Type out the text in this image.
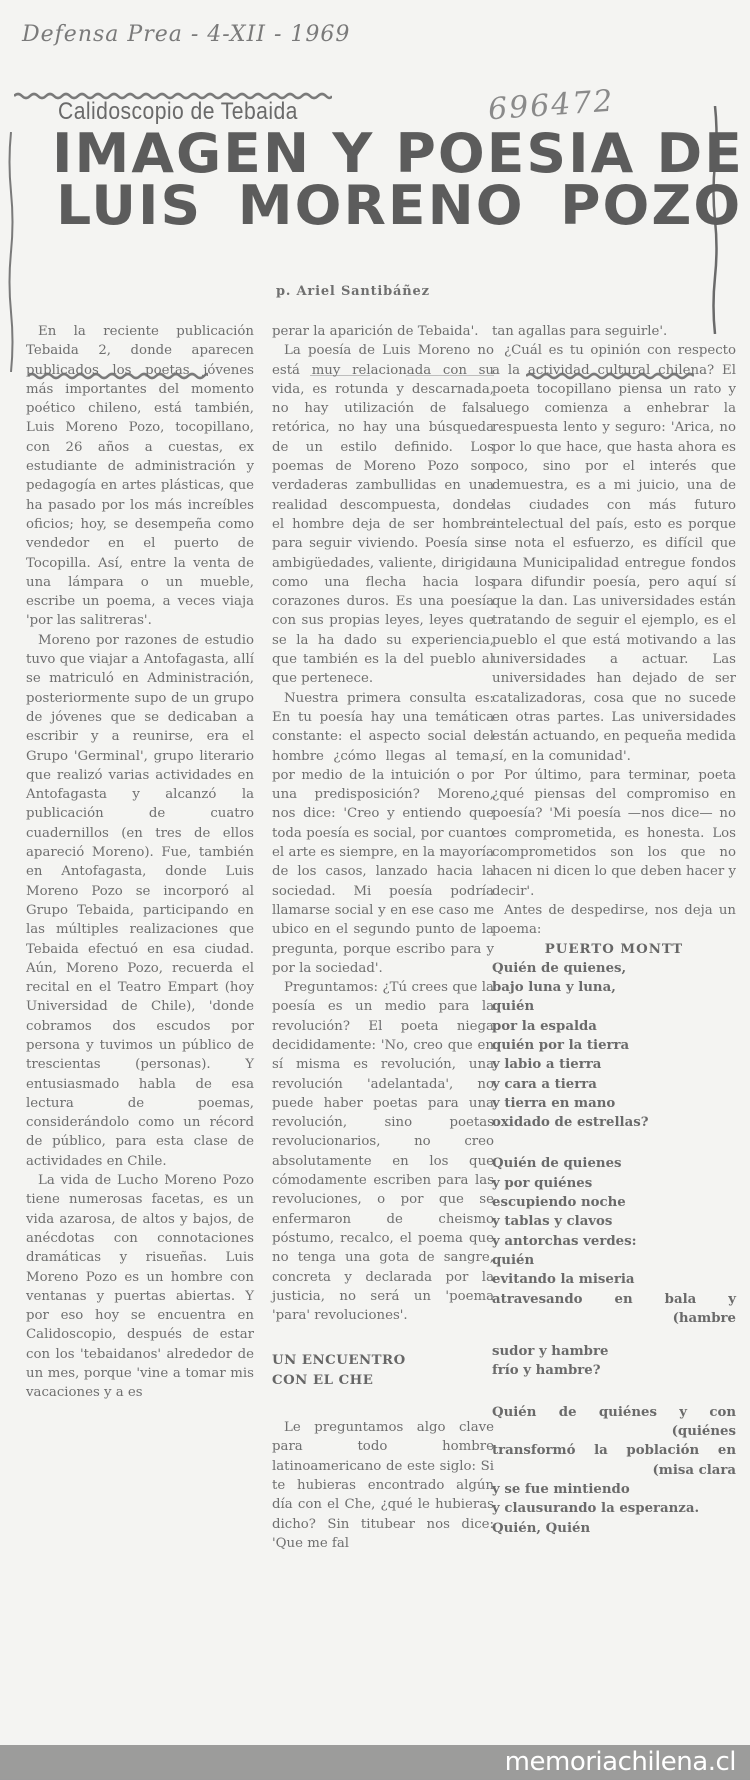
Defensa Prea - 4-XII - 1969
696472
Calidoscopio de Tebaida
IMAGEN Y POESIA DE
LUIS MORENO POZO
p. Ariel Santibáñez

En la reciente publicación Tebaida 2, donde aparecen publicados los poetas jóvenes más importantes del momento poético chileno, está también, Luis Moreno Pozo, tocopillano, con 26 años a cuestas, ex estudiante de administración y pedagogía en artes plásticas, que ha pasado por los más increíbles oficios; hoy, se desempeña como vendedor en el puerto de Tocopilla. Así, entre la venta de una lámpara o un mueble, escribe un poema, a veces viaja 'por las salitreras'.

Moreno por razones de estudio tuvo que viajar a Antofagasta, allí se matriculó en Administración, posteriormente supo de un grupo de jóvenes que se dedicaban a escribir y a reunirse, era el Grupo 'Germinal', grupo literario que realizó varias actividades en Antofagasta y alcanzó la publicación de cuatro cuadernillos (en tres de ellos apareció Moreno). Fue, también en Antofagasta, donde Luis Moreno Pozo se incorporó al Grupo Tebaida, participando en las múltiples realizaciones que Tebaida efectuó en esa ciudad. Aún, Moreno Pozo, recuerda el recital en el Teatro Empart (hoy Universidad de Chile), 'donde cobramos dos escudos por persona y tuvimos un público de trescientas (personas). Y entusiasmado habla de esa lectura de poemas, considerándolo como un récord de público, para esta clase de actividades en Chile.

La vida de Lucho Moreno Pozo tiene numerosas facetas, es un vida azarosa, de altos y bajos, de anécdotas con connotaciones dramáticas y risueñas. Luis Moreno Pozo es un hombre con ventanas y puertas abiertas. Y por eso hoy se encuentra en Calidoscopio, después de estar con los 'tebaidanos' alrededor de un mes, porque 'vine a tomar mis vacaciones y a es

perar la aparición de Tebaida'.

La poesía de Luis Moreno no está muy relacionada con su vida, es rotunda y descarnada, no hay utilización de falsa retórica, no hay una búsqueda de un estilo definido. Los poemas de Moreno Pozo son verdaderas zambullidas en una realidad descompuesta, donde el hombre deja de ser hombre para seguir viviendo. Poesía sin ambigüedades, valiente, dirigida como una flecha hacia los corazones duros. Es una poesía con sus propias leyes, leyes que se la ha dado su experiencia, que también es la del pueblo al que pertenece.

Nuestra primera consulta es: En tu poesía hay una temática constante: el aspecto social del hombre ¿cómo llegas al tema, por medio de la intuición o por una predisposición? Moreno, nos dice: 'Creo y entiendo que toda poesía es social, por cuanto el arte es siempre, en la mayoría de los casos, lanzado hacia la sociedad. Mi poesía podría llamarse social y en ese caso me ubico en el segundo punto de la pregunta, porque escribo para y por la sociedad'.

Preguntamos: ¿Tú crees que la poesía es un medio para la revolución? El poeta niega decididamente: 'No, creo que en sí misma es revolución, una revolución 'adelantada', no puede haber poetas para una revolución, sino poetas revolucionarios, no creo absolutamente en los que cómodamente escriben para las revoluciones, o por que se enfermaron de cheismo póstumo, recalco, el poema que no tenga una gota de sangre, concreta y declarada por la justicia, no será un 'poema 'para' revoluciones'.

UN ENCUENTRO
CON EL CHE

Le preguntamos algo clave para todo hombre latinoamericano de este siglo: Si te hubieras encontrado algún día con el Che, ¿qué le hubieras dicho? Sin titubear nos dice: 'Que me fal

tan agallas para seguirle'.

¿Cuál es tu opinión con respecto a la actividad cultural chilena? El poeta tocopillano piensa un rato y luego comienza a enhebrar la respuesta lento y seguro: 'Arica, no por lo que hace, que hasta ahora es poco, sino por el interés que demuestra, es a mi juicio, una de las ciudades con más futuro intelectual del país, esto es porque se nota el esfuerzo, es difícil que una Municipalidad entregue fondos para difundir poesía, pero aquí sí que la dan. Las universidades están tratando de seguir el ejemplo, es el pueblo el que está motivando a las universidades a actuar. Las universidades han dejado de ser catalizadoras, cosa que no sucede en otras partes. Las universidades están actuando, en pequeña medida sí, en la comunidad'.

Por último, para terminar, poeta ¿qué piensas del compromiso en poesía? 'Mi poesía —nos dice— no es comprometida, es honesta. Los comprometidos son los que no hacen ni dicen lo que deben hacer y decir'.

Antes de despedirse, nos deja un poema:

PUERTO MONTT

Quién de quienes,
bajo luna y luna,
quién
por la espalda
quién por la tierra
y labio a tierra
y cara a tierra
y tierra en mano
oxidado de estrellas?
Quién de quienes
y por quiénes
escupiendo noche
y tablas y clavos
y antorchas verdes:
quién
evitando la miseria
atravesando en bala y
(hambre
sudor y hambre
frío y hambre?
Quién de quiénes y con
(quiénes
transformó la población en
(misa clara
y se fue mintiendo
y clausurando la esperanza.
Quién, Quién
memoriachilena.cl
